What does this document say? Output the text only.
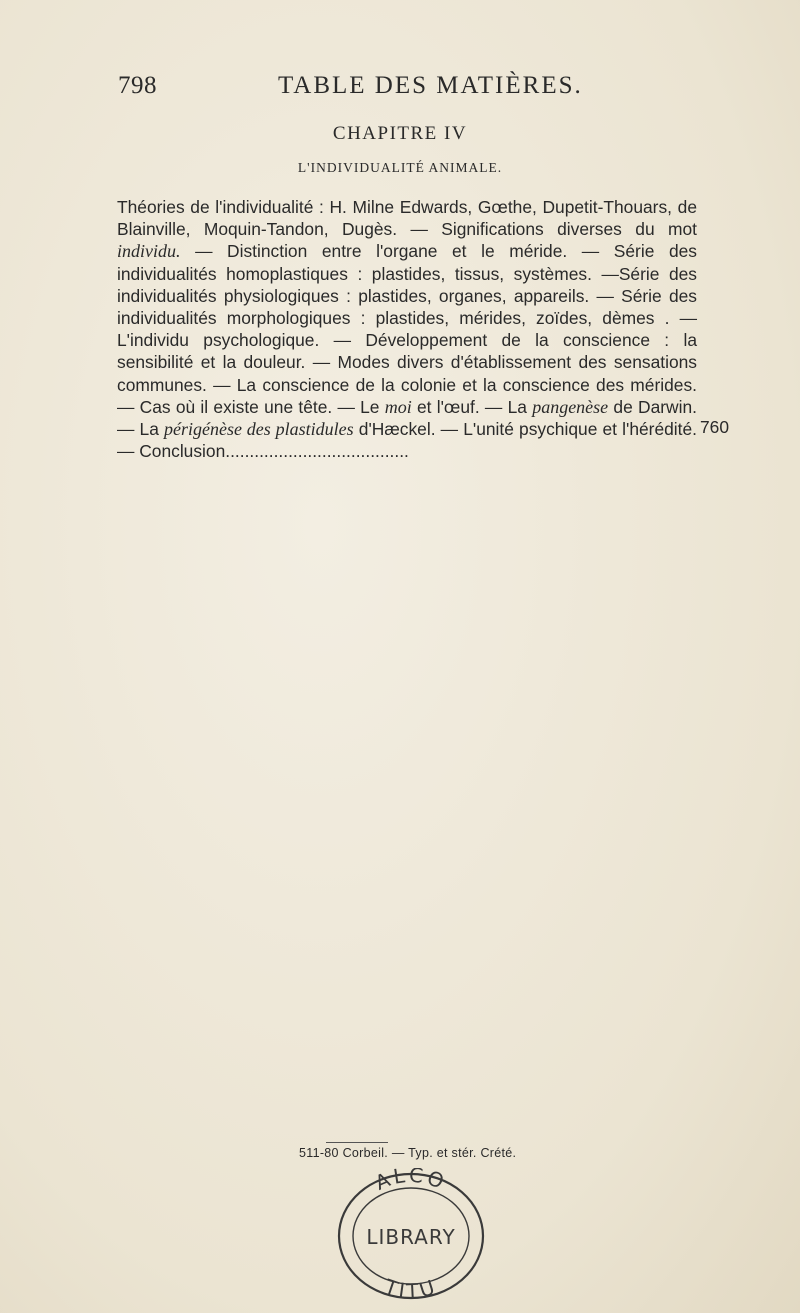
798	TABLE DES MATIÈRES.
CHAPITRE IV
L'INDIVIDUALITÉ ANIMALE.
Théories de l'individualité : H. Milne Edwards, Gœthe, Dupetit-Thouars, de Blainville, Moquin-Tandon, Dugès. — Significations diverses du mot individu. — Distinction entre l'organe et le méride. — Série des individualités homoplastiques : plastides, tissus, systèmes. —Série des individualités physiologiques : plastides, organes, appareils. — Série des individualités morphologiques : plastides, mérides, zoïdes, dèmes . — L'individu psychologique. — Développement de la conscience : la sensibilité et la douleur. — Modes divers d'établissement des sensations communes. — La conscience de la colonie et la conscience des mérides. — Cas où il existe une tête. — Le moi et l'œuf. — La pangenèse de Darwin. — La périgénèse des plastidules d'Hæckel. — L'unité psychique et l'hérédité. — Conclusion......................................
760
511-80 Corbeil. — Typ. et stér. Crété.
ALCO
LIBRARY
TITU
